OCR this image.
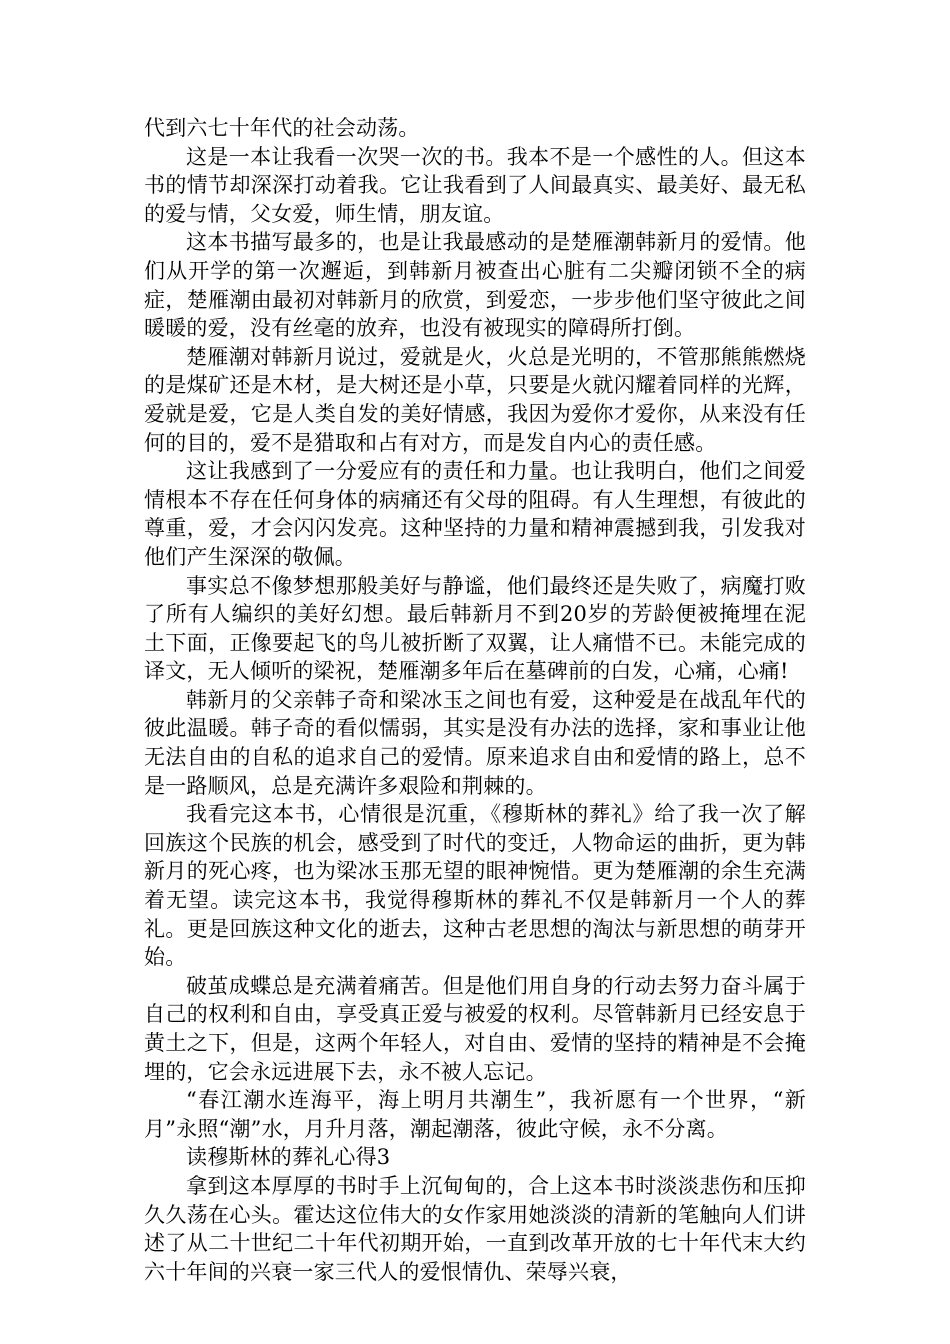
代到六七十年代的社会动荡。

这是一本让我看一次哭一次的书。我本不是一个感性的人。但这本书的情节却深深打动着我。它让我看到了人间最真实、最美好、最无私的爱与情，父女爱，师生情，朋友谊。

这本书描写最多的，也是让我最感动的是楚雁潮韩新月的爱情。他们从开学的第一次邂逅，到韩新月被查出心脏有二尖瓣闭锁不全的病症，楚雁潮由最初对韩新月的欣赏，到爱恋，一步步他们坚守彼此之间暖暖的爱，没有丝毫的放弃，也没有被现实的障碍所打倒。

楚雁潮对韩新月说过，爱就是火，火总是光明的，不管那熊熊燃烧的是煤矿还是木材，是大树还是小草，只要是火就闪耀着同样的光辉，爱就是爱，它是人类自发的美好情感，我因为爱你才爱你，从来没有任何的目的，爱不是猎取和占有对方，而是发自内心的责任感。

这让我感到了一分爱应有的责任和力量。也让我明白，他们之间爱情根本不存在任何身体的病痛还有父母的阻碍。有人生理想，有彼此的尊重，爱，才会闪闪发亮。这种坚持的力量和精神震撼到我，引发我对他们产生深深的敬佩。

事实总不像梦想那般美好与静谧，他们最终还是失败了，病魔打败了所有人编织的美好幻想。最后韩新月不到20岁的芳龄便被掩埋在泥土下面，正像要起飞的鸟儿被折断了双翼，让人痛惜不已。未能完成的译文，无人倾听的梁祝，楚雁潮多年后在墓碑前的白发，心痛，心痛!

韩新月的父亲韩子奇和梁冰玉之间也有爱，这种爱是在战乱年代的彼此温暖。韩子奇的看似懦弱，其实是没有办法的选择，家和事业让他无法自由的自私的追求自己的爱情。原来追求自由和爱情的路上，总不是一路顺风，总是充满许多艰险和荆棘的。

我看完这本书，心情很是沉重，《穆斯林的葬礼》给了我一次了解回族这个民族的机会，感受到了时代的变迁，人物命运的曲折，更为韩新月的死心疼，也为梁冰玉那无望的眼神惋惜。更为楚雁潮的余生充满着无望。读完这本书，我觉得穆斯林的葬礼不仅是韩新月一个人的葬礼。更是回族这种文化的逝去，这种古老思想的淘汰与新思想的萌芽开始。

破茧成蝶总是充满着痛苦。但是他们用自身的行动去努力奋斗属于自己的权利和自由，享受真正爱与被爱的权利。尽管韩新月已经安息于黄土之下，但是，这两个年轻人，对自由、爱情的坚持的精神是不会掩埋的，它会永远进展下去，永不被人忘记。

“春江潮水连海平，海上明月共潮生”，我祈愿有一个世界，“新月”永照“潮”水，月升月落，潮起潮落，彼此守候，永不分离。

读穆斯林的葬礼心得3

拿到这本厚厚的书时手上沉甸甸的，合上这本书时淡淡悲伤和压抑久久荡在心头。霍达这位伟大的女作家用她淡淡的清新的笔触向人们讲述了从二十世纪二十年代初期开始，一直到改革开放的七十年代末大约六十年间的兴衰一家三代人的爱恨情仇、荣辱兴衰，
